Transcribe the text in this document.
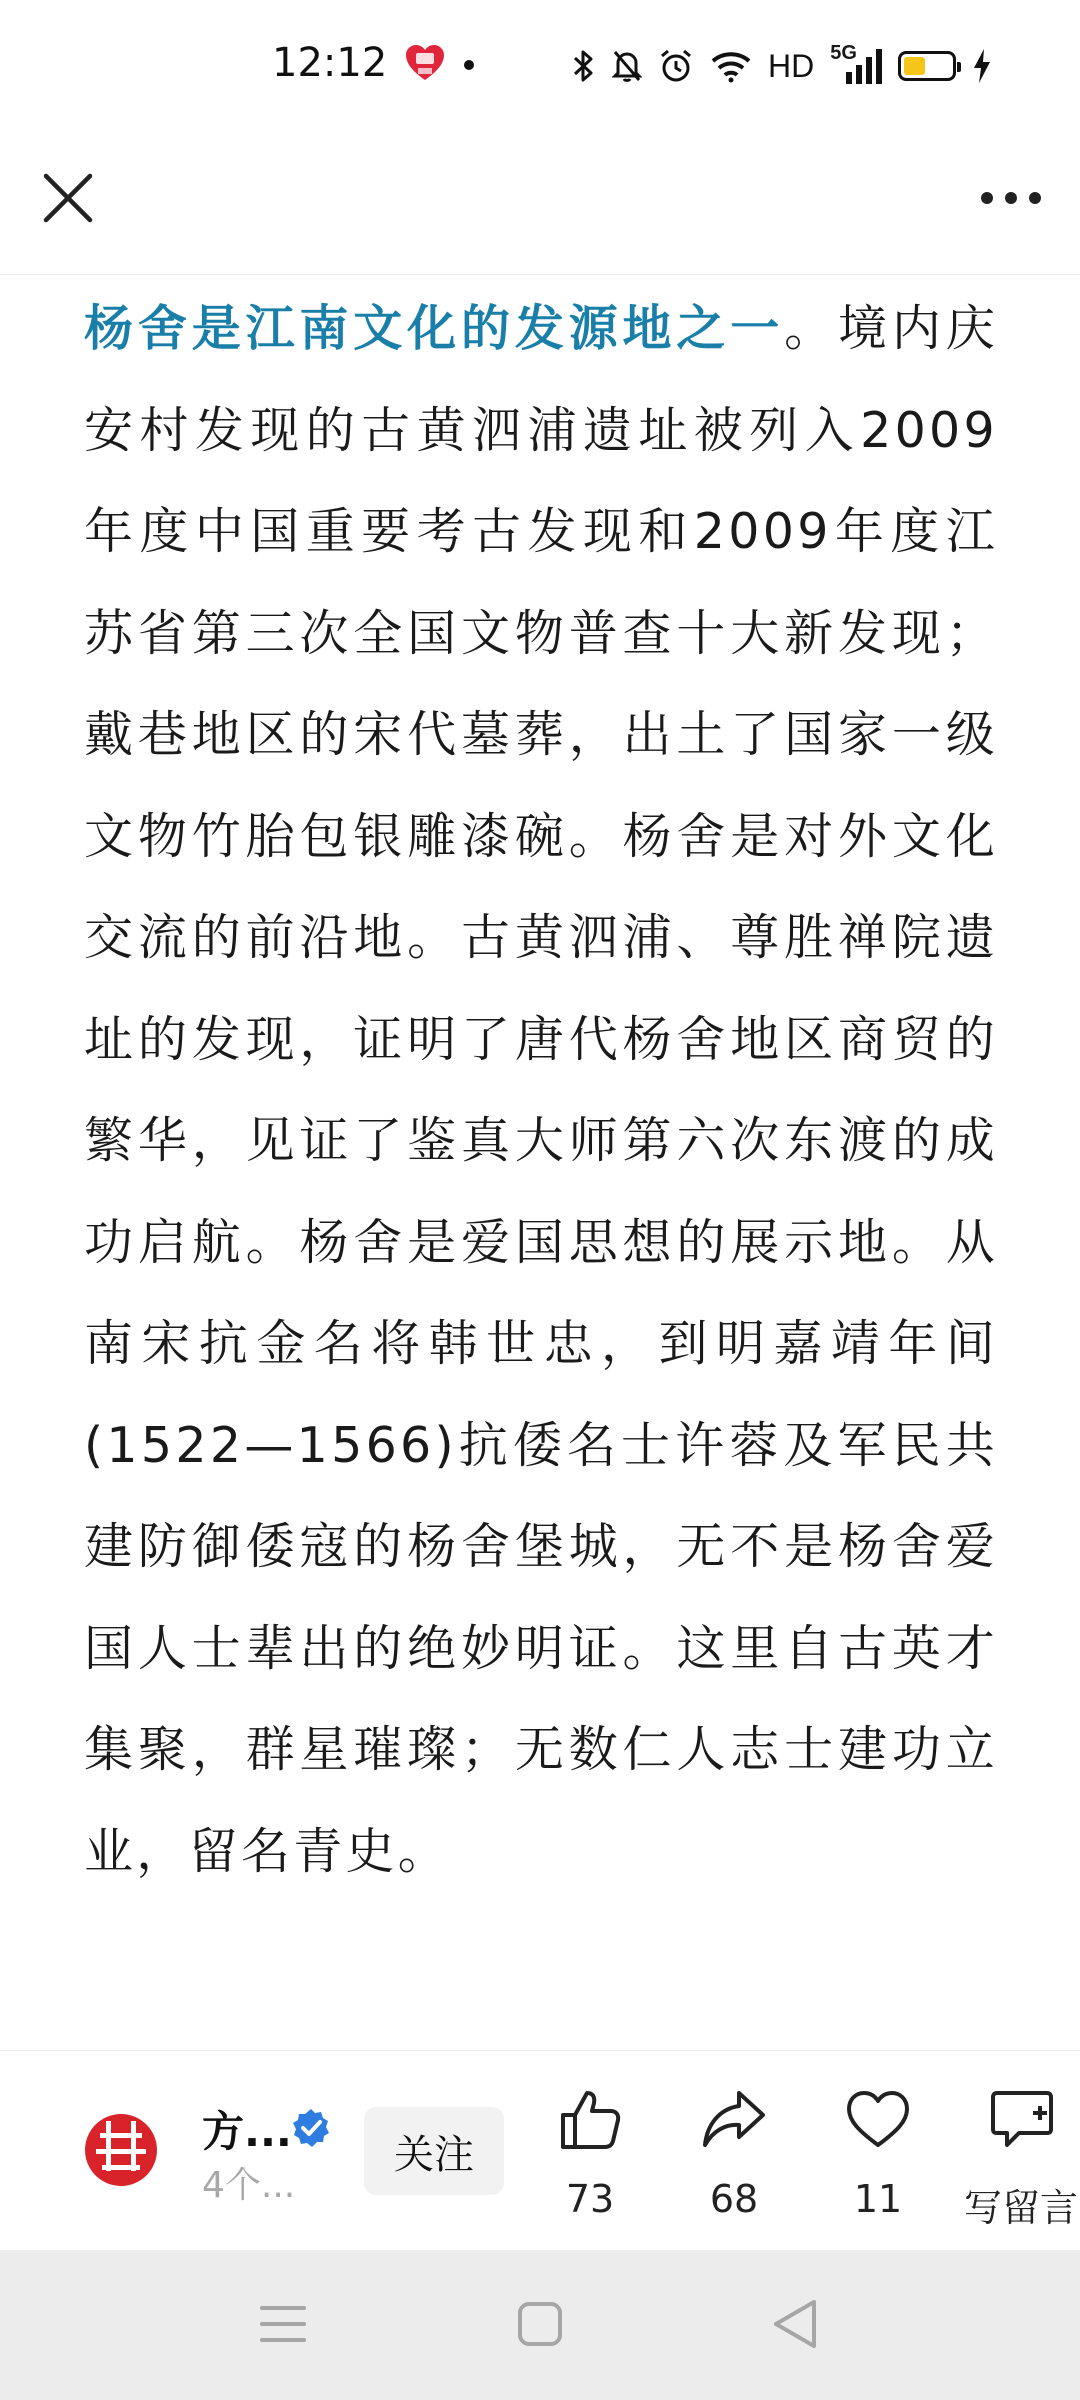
12:12	HD 5G

杨舍是江南文化的发源地之一。境内庆安村发现的古黄泗浦遗址被列入2009年度中国重要考古发现和2009年度江苏省第三次全国文物普查十大新发现；戴巷地区的宋代墓葬，出土了国家一级文物竹胎包银雕漆碗。杨舍是对外文化交流的前沿地。古黄泗浦、尊胜禅院遗址的发现，证明了唐代杨舍地区商贸的繁华，见证了鉴真大师第六次东渡的成功启航。杨舍是爱国思想的展示地。从南宋抗金名将韩世忠，到明嘉靖年间(1522—1566)抗倭名士许蓉及军民共建防御倭寇的杨舍堡城，无不是杨舍爱国人士辈出的绝妙明证。这里自古英才集聚，群星璀璨；无数仁人志士建功立业，留名青史。

方...
4个...
关注
73	68	11	写留言
